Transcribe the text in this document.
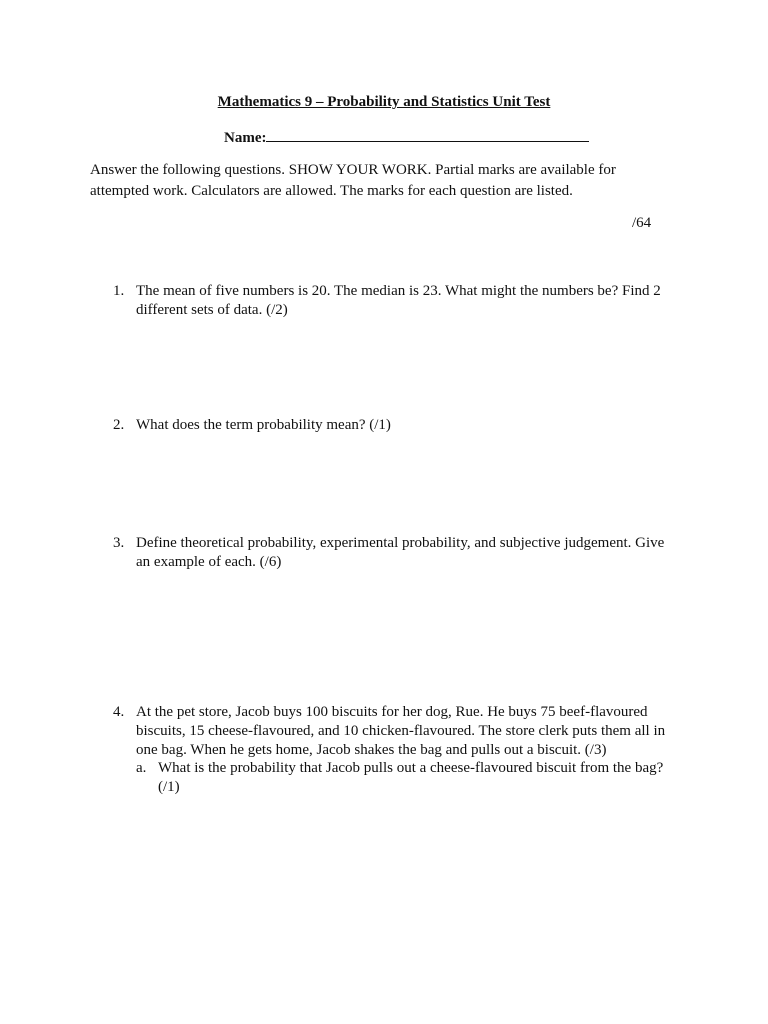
Mathematics 9 – Probability and Statistics Unit Test
Name:
Answer the following questions. SHOW YOUR WORK. Partial marks are available for attempted work. Calculators are allowed. The marks for each question are listed.
/64
1. The mean of five numbers is 20. The median is 23. What might the numbers be? Find 2 different sets of data. (/2)
2. What does the term probability mean? (/1)
3. Define theoretical probability, experimental probability, and subjective judgement. Give an example of each. (/6)
4. At the pet store, Jacob buys 100 biscuits for her dog, Rue. He buys 75 beef-flavoured biscuits, 15 cheese-flavoured, and 10 chicken-flavoured. The store clerk puts them all in one bag. When he gets home, Jacob shakes the bag and pulls out a biscuit. (/3)
a. What is the probability that Jacob pulls out a cheese-flavoured biscuit from the bag? (/1)
